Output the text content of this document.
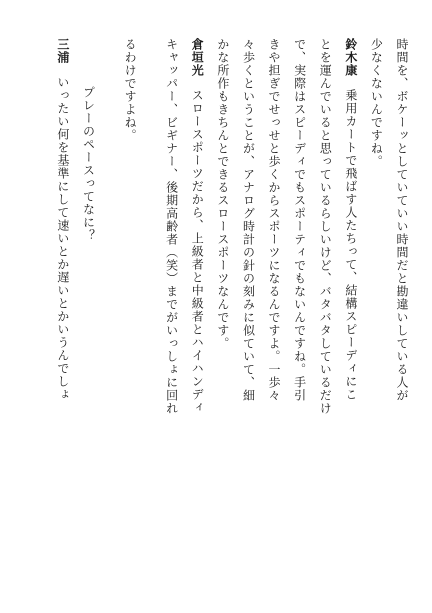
時間を、ボケーッとしていていい時間だと勘違いしている人が
少なくないんですね。
鈴木康乗用カートで飛ばす人たちって、結構スピーディにこ
とを運んでいると思っているらしいけど、バタバタしているだけ
で、実際はスピーディでもスポーティでもないんですね。手引
きや担ぎでせっせと歩くからスポーツになるんですよ。一歩々
々歩くということが、アナログ時計の針の刻みに似ていて、細
かな所作もきちんとできるスロースポーツなんです。
倉垣光スロースポーツだから、上級者と中級者とハイハンディ
キャッパー、ビギナー、後期高齢者（笑）までがいっしょに回れ
るわけですよね。
プレーのペースってなに？
三浦いったい何を基準にして速いとか遅いとかいうんでしょ
